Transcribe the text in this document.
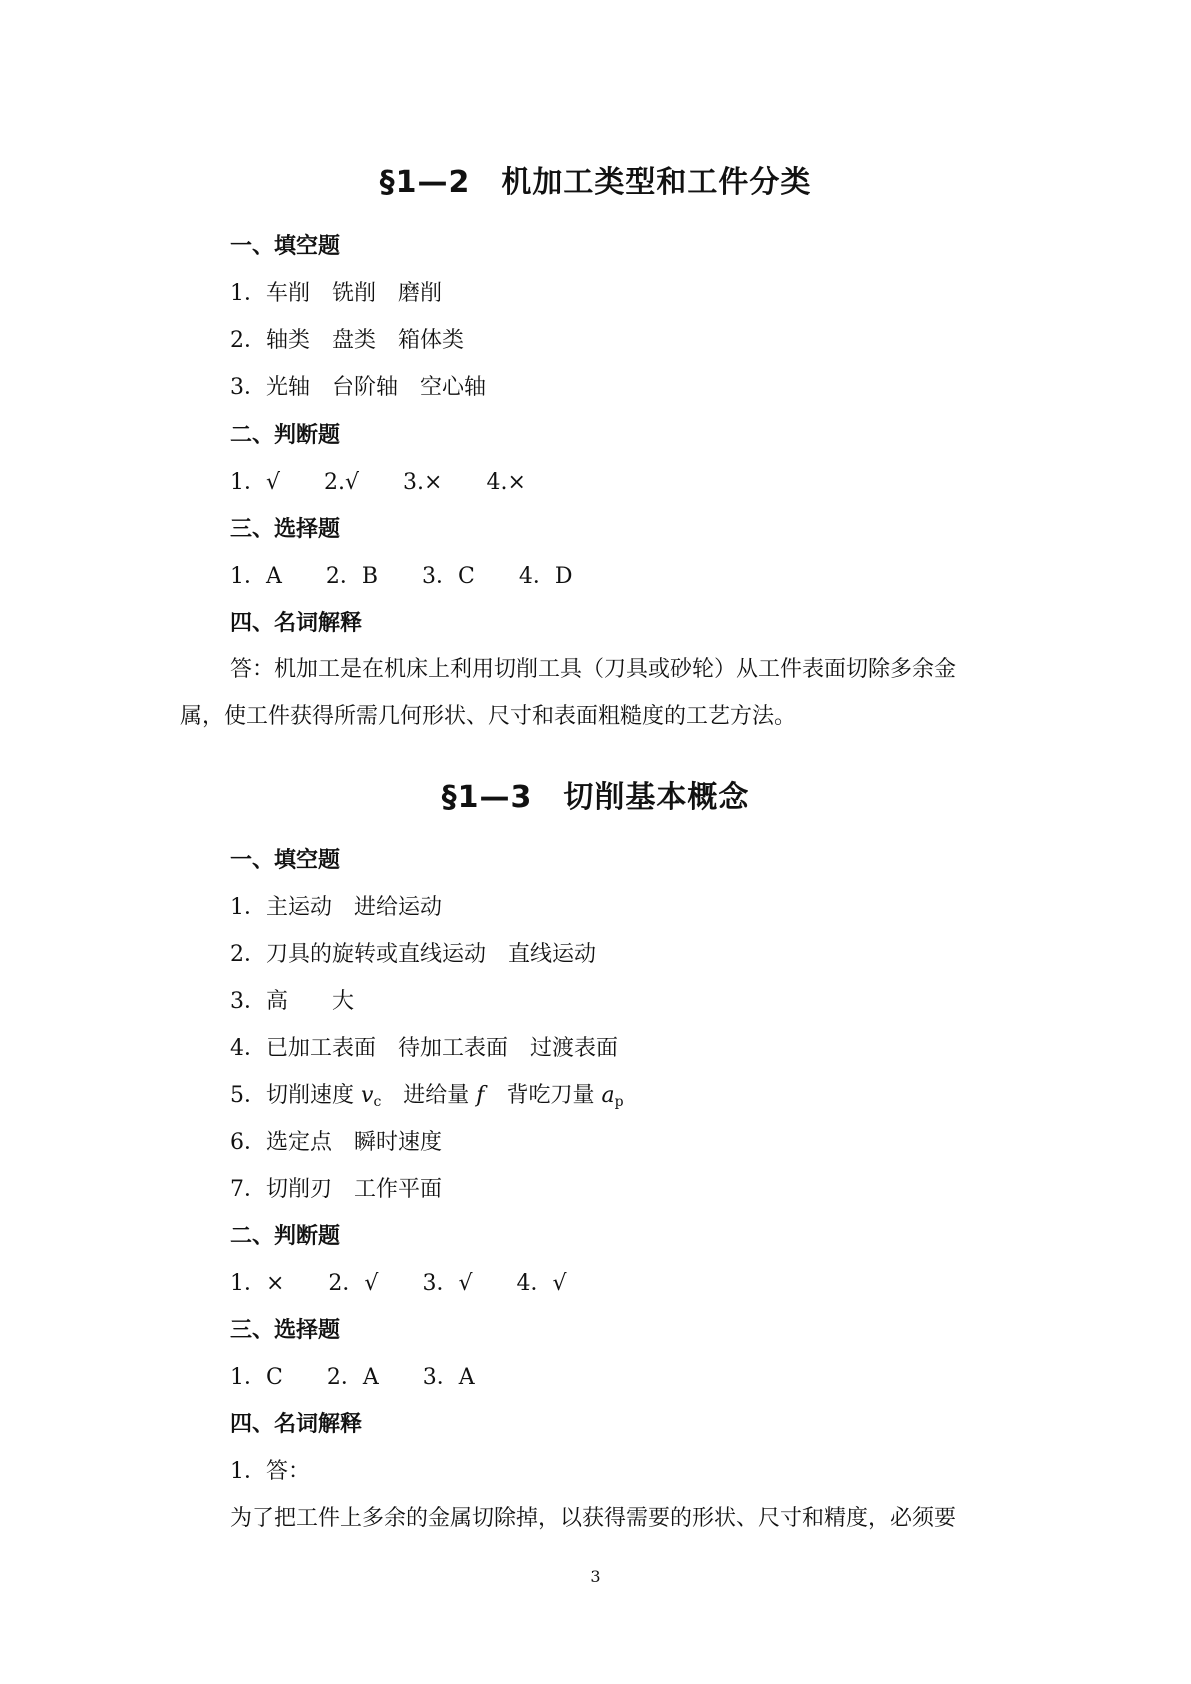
§1—2　机加工类型和工件分类
一、填空题
1．车削　铣削　磨削
2．轴类　盘类　箱体类
3．光轴　台阶轴　空心轴
二、判断题
1．√　　2.√　　3.×　　4.×
三、选择题
1．A　　2．B　　3．C　　4．D
四、名词解释
答：机加工是在机床上利用切削工具（刀具或砂轮）从工件表面切除多余金
属，使工件获得所需几何形状、尺寸和表面粗糙度的工艺方法。
§1—3　切削基本概念
一、填空题
1．主运动　进给运动
2．刀具的旋转或直线运动　直线运动
3．高　　大
4．已加工表面　待加工表面　过渡表面
5．切削速度 $v_c$　进给量 f　背吃刀量 $a_p$
6．选定点　瞬时速度
7．切削刃　工作平面
二、判断题
1．×　　2．√　　3．√　　4．√
三、选择题
1．C　　2．A　　3．A
四、名词解释
1．答：
为了把工件上多余的金属切除掉，以获得需要的形状、尺寸和精度，必须要
3
